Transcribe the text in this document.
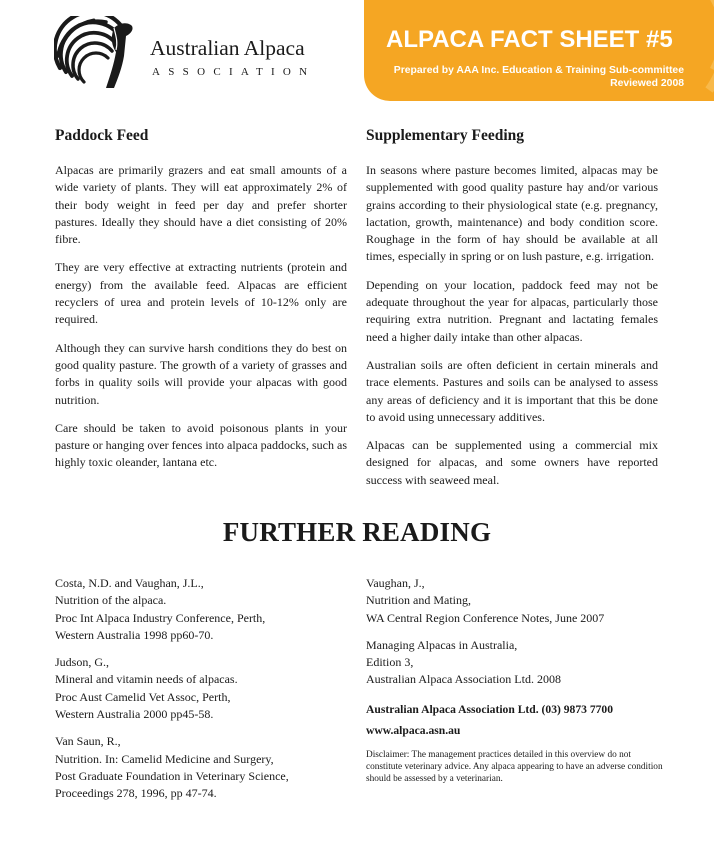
Australian Alpaca
ASSOCIATION
ALPACA FACT SHEET #5
Prepared by AAA Inc. Education & Training Sub-committee
Reviewed 2008
Paddock Feed

Alpacas are primarily grazers and eat small amounts of a wide variety of plants. They will eat approximately 2% of their body weight in feed per day and prefer shorter pastures. Ideally they should have a diet consisting of 20% fibre.

They are very effective at extracting nutrients (protein and energy) from the available feed. Alpacas are efficient recyclers of urea and protein levels of 10-12% only are required.

Although they can survive harsh conditions they do best on good quality pasture. The growth of a variety of grasses and forbs in quality soils will provide your alpacas with good nutrition.

Care should be taken to avoid poisonous plants in your pasture or hanging over fences into alpaca paddocks, such as highly toxic oleander, lantana etc.

Supplementary Feeding

In seasons where pasture becomes limited, alpacas may be supplemented with good quality pasture hay and/or various grains according to their physiological state (e.g. pregnancy, lactation, growth, maintenance) and body condition score. Roughage in the form of hay should be available at all times, especially in spring or on lush pasture, e.g. irrigation.

Depending on your location, paddock feed may not be adequate throughout the year for alpacas, particularly those requiring extra nutrition. Pregnant and lactating females need a higher daily intake than other alpacas.

Australian soils are often deficient in certain minerals and trace elements. Pastures and soils can be analysed to assess any areas of deficiency and it is important that this be done to avoid using unnecessary additives.

Alpacas can be supplemented using a commercial mix designed for alpacas, and some owners have reported success with seaweed meal.

FURTHER READING
Costa, N.D. and Vaughan, J.L.,
Nutrition of the alpaca.
Proc Int Alpaca Industry Conference, Perth,
Western Australia 1998 pp60-70.
Judson, G.,
Mineral and vitamin needs of alpacas.
Proc Aust Camelid Vet Assoc, Perth,
Western Australia 2000 pp45-58.
Van Saun, R.,
Nutrition. In: Camelid Medicine and Surgery,
Post Graduate Foundation in Veterinary Science,
Proceedings 278, 1996, pp 47-74.
Vaughan, J.,
Nutrition and Mating,
WA Central Region Conference Notes, June 2007
Managing Alpacas in Australia,
Edition 3,
Australian Alpaca Association Ltd. 2008
Australian Alpaca Association Ltd. (03) 9873 7700
www.alpaca.asn.au
Disclaimer: The management practices detailed in this overview do not constitute veterinary advice. Any alpaca appearing to have an adverse condition should be assessed by a veterinarian.
